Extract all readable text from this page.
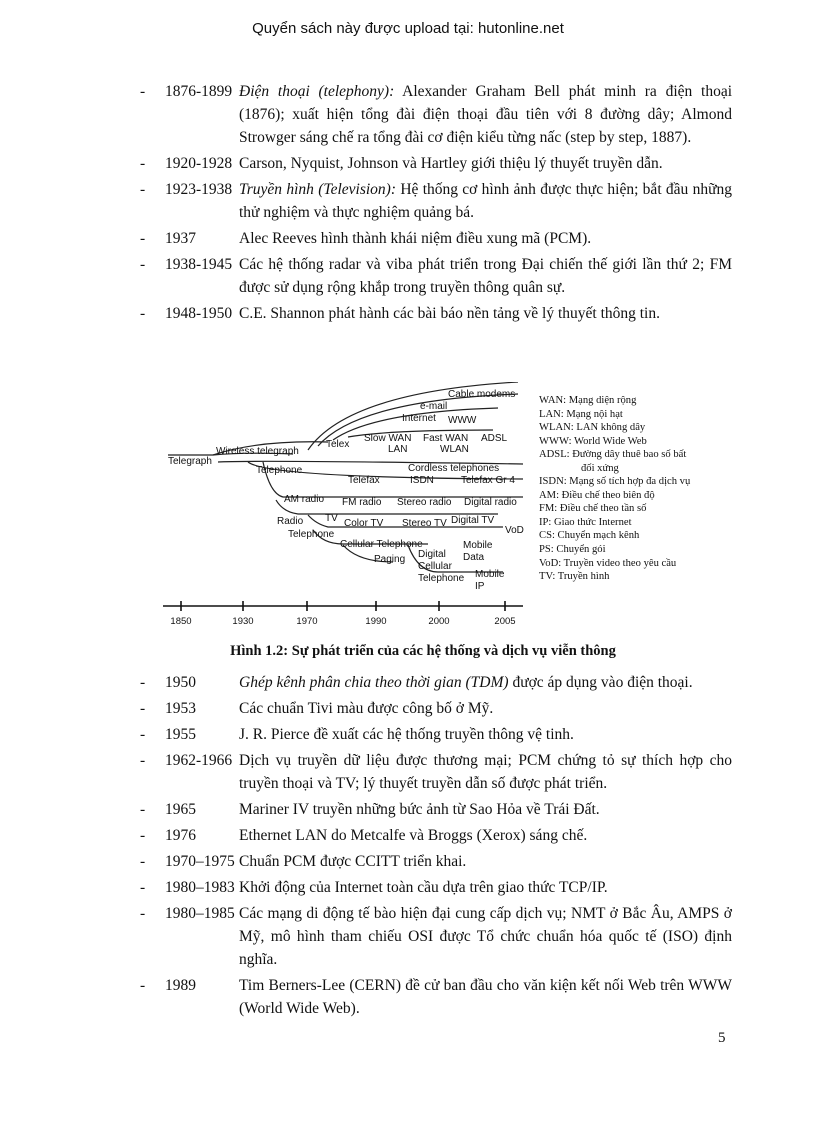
Quyển sách này được upload tại: hutonline.net
- 1876-1899 Điện thoại (telephony): Alexander Graham Bell phát minh ra điện thoại (1876); xuất hiện tổng đài điện thoại đầu tiên với 8 đường dây; Almond Strowger sáng chế ra tổng đài cơ điện kiểu từng nấc (step by step, 1887).
- 1920-1928 Carson, Nyquist, Johnson và Hartley giới thiệu lý thuyết truyền dẫn.
- 1923-1938 Truyền hình (Television): Hệ thống cơ hình ảnh được thực hiện; bắt đầu những thử nghiệm và thực nghiệm quảng bá.
- 1937	Alec Reeves hình thành khái niệm điều xung mã (PCM).
- 1938-1945 Các hệ thống radar và viba phát triển trong Đại chiến thế giới lần thứ 2; FM được sử dụng rộng khắp trong truyền thông quân sự.
- 1948-1950 C.E. Shannon phát hành các bài báo nền tảng về lý thuyết thông tin.
Telegraph
Wireless telegraph
Telephone
Cable modems
e-mail
Internet WWW
Telex
Slow WAN Fast WAN ADSL
LAN	WLAN
Telefax
Cordless telephones
ISDN	Telefax Gr 4
AM radio FM radio Stereo radio Digital radio
Radio TV Color TV Stereo TV Digital TV
VoD
Telephone
Cellular Telephone	Mobile
Data
Paging Digital
Cellular
Telephone Mobile
IP
1850	1930	1970	1990	2000	2005
WAN: Mạng diện rộng
LAN: Mạng nội hạt
WLAN: LAN không dây
WWW: World Wide Web
ADSL: Đường dây thuê bao số bất
đối xứng
ISDN: Mạng số tích hợp đa dịch vụ
AM: Điều chế theo biên độ
FM: Điều chế theo tần số
IP: Giao thức Internet
CS: Chuyển mạch kênh
PS: Chuyển gói
VoD: Truyền video theo yêu cầu
TV: Truyền hình
Hình 1.2: Sự phát triển của các hệ thống và dịch vụ viễn thông
- 1950	Ghép kênh phân chia theo thời gian (TDM) được áp dụng vào điện thoại.
- 1953	Các chuẩn Tivi màu được công bố ở Mỹ.
- 1955	J. R. Pierce đề xuất các hệ thống truyền thông vệ tinh.
- 1962-1966 Dịch vụ truyền dữ liệu được thương mại; PCM chứng tỏ sự thích hợp cho truyền thoại và TV; lý thuyết truyền dẫn số được phát triển.
- 1965	Mariner IV truyền những bức ảnh từ Sao Hỏa về Trái Đất.
- 1976	Ethernet LAN do Metcalfe và Broggs (Xerox) sáng chế.
- 1970–1975 Chuẩn PCM được CCITT triển khai.
- 1980–1983 Khởi động của Internet toàn cầu dựa trên giao thức TCP/IP.
- 1980–1985 Các mạng di động tế bào hiện đại cung cấp dịch vụ; NMT ở Bắc Âu, AMPS ở Mỹ, mô hình tham chiếu OSI được Tổ chức chuẩn hóa quốc tế (ISO) định nghĩa.
- 1989	Tim Berners-Lee (CERN) đề cử ban đầu cho văn kiện kết nối Web trên WWW (World Wide Web).
5
